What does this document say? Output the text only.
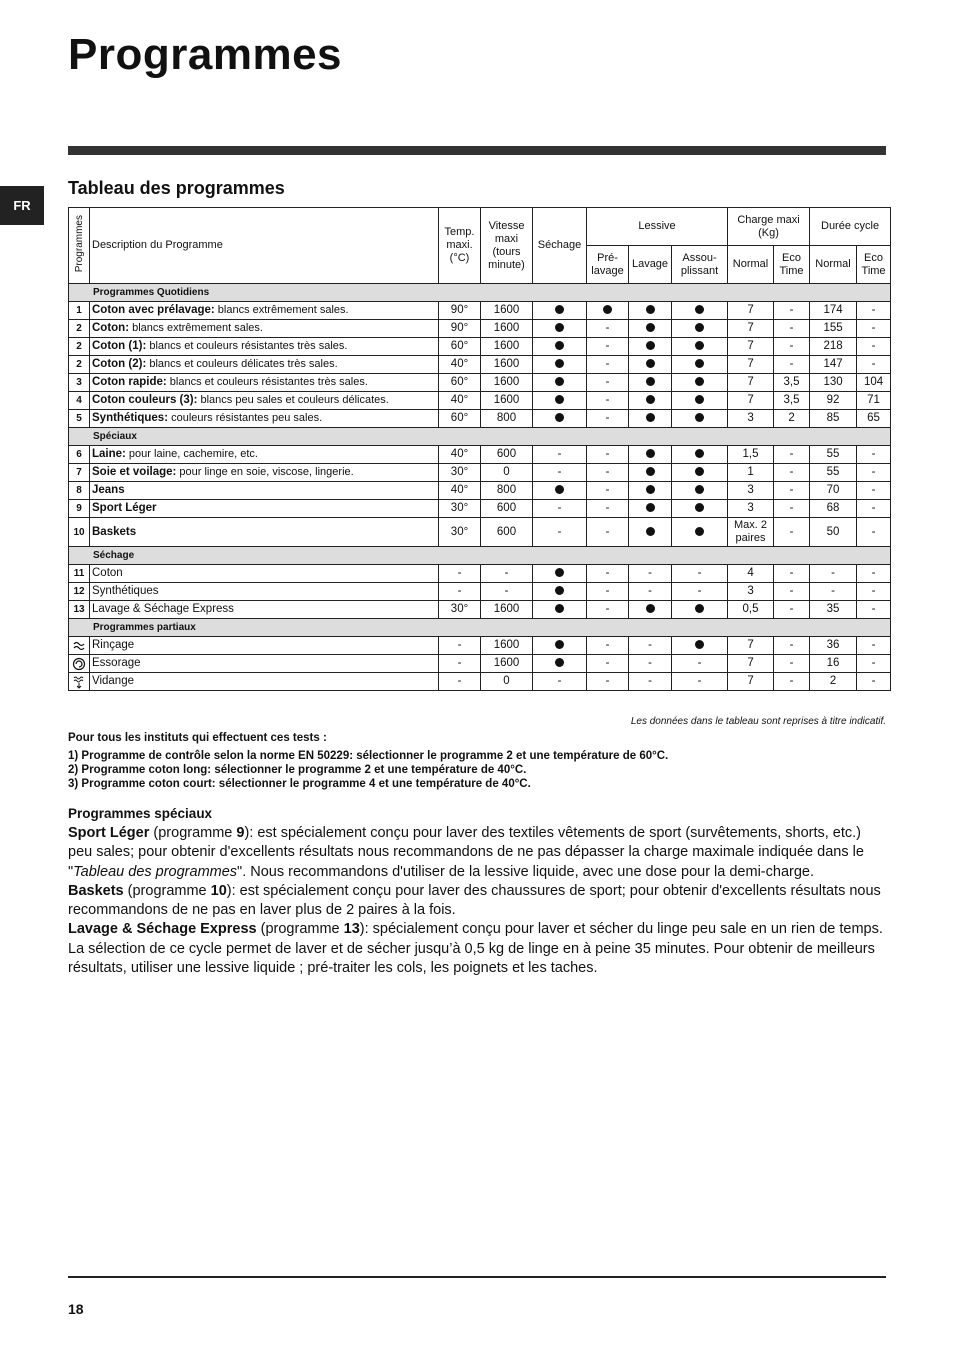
Programmes
FR
Tableau des programmes
Programmes	Description du Programme	Temp. maxi. (°C)	Vitesse maxi (tours minute)	Séchage	Lessive			Charge maxi (Kg)		Durée cycle	
					Pré- lavage	Lavage	Assou- plissant	Normal	Eco Time	Normal	Eco Time
Programmes Quotidiens											
1	Coton avec prélavage: blancs extrêmement sales.	90°	1600					7	-	174	-
2	Coton: blancs extrêmement sales.	90°	1600		-			7	-	155	-
2	Coton (1): blancs et couleurs résistantes très sales.	60°	1600		-			7	-	218	-
2	Coton (2): blancs et couleurs délicates très sales.	40°	1600		-			7	-	147	-
3	Coton rapide: blancs et couleurs résistantes très sales.	60°	1600		-			7	3,5	130	104
4	Coton couleurs (3): blancs peu sales et couleurs délicates.	40°	1600		-			7	3,5	92	71
5	Synthétiques: couleurs résistantes peu sales.	60°	800		-			3	2	85	65
Spéciaux											
6	Laine: pour laine, cachemire, etc.	40°	600	-	-			1,5	-	55	-
7	Soie et voilage: pour linge en soie, viscose, lingerie.	30°	0	-	-			1	-	55	-
8	Jeans	40°	800		-			3	-	70	-
9	Sport Léger	30°	600	-	-			3	-	68	-
10	Baskets	30°	600	-	-			Max. 2 paires	-	50	-
Séchage											
11	Coton	-	-		-	-	-	4	-	-	-
12	Synthétiques	-	-		-	-	-	3	-	-	-
13	Lavage & Séchage Express	30°	1600		-			0,5	-	35	-
Programmes partiaux											
	Rinçage	-	1600		-	-		7	-	36	-
	Essorage	-	1600		-	-	-	7	-	16	-
	Vidange	-	0	-	-	-	-	7	-	2	-
Les données dans le tableau sont reprises à titre indicatif.
Pour tous les instituts qui effectuent ces tests :
1) Programme de contrôle selon la norme EN 50229: sélectionner le programme 2 et une température de 60°C.
2) Programme coton long: sélectionner le programme 2 et une température de 40°C.
3) Programme coton court: sélectionner le programme 4 et une température de 40°C.
Programmes spéciaux

Sport Léger (programme 9): est spécialement conçu pour laver des textiles vêtements de sport (survêtements, shorts, etc.) peu sales; pour obtenir d'excellents résultats nous recommandons de ne pas dépasser la charge maximale indiquée dans le "Tableau des programmes". Nous recommandons d'utiliser de la lessive liquide, avec une dose pour la demi-charge.

Baskets (programme 10): est spécialement conçu pour laver des chaussures de sport; pour obtenir d'excellents résultats nous recommandons de ne pas en laver plus de 2 paires à la fois.

Lavage & Séchage Express (programme 13): spécialement conçu pour laver et sécher du linge peu sale en un rien de temps. La sélection de ce cycle permet de laver et de sécher jusqu’à 0,5 kg de linge en à peine 35 minutes. Pour obtenir de meilleurs résultats, utiliser une lessive liquide ; pré-traiter les cols, les poignets et les taches.

18
